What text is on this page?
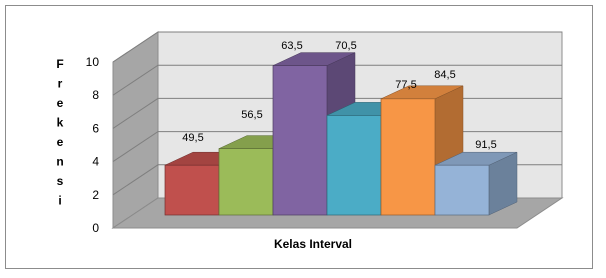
0
2
4
6
8
10
49,5
56,5
63,5	70,5
77,5
84,5
91,5
F
r
e
k
e
n
s
i
Kelas Interval
